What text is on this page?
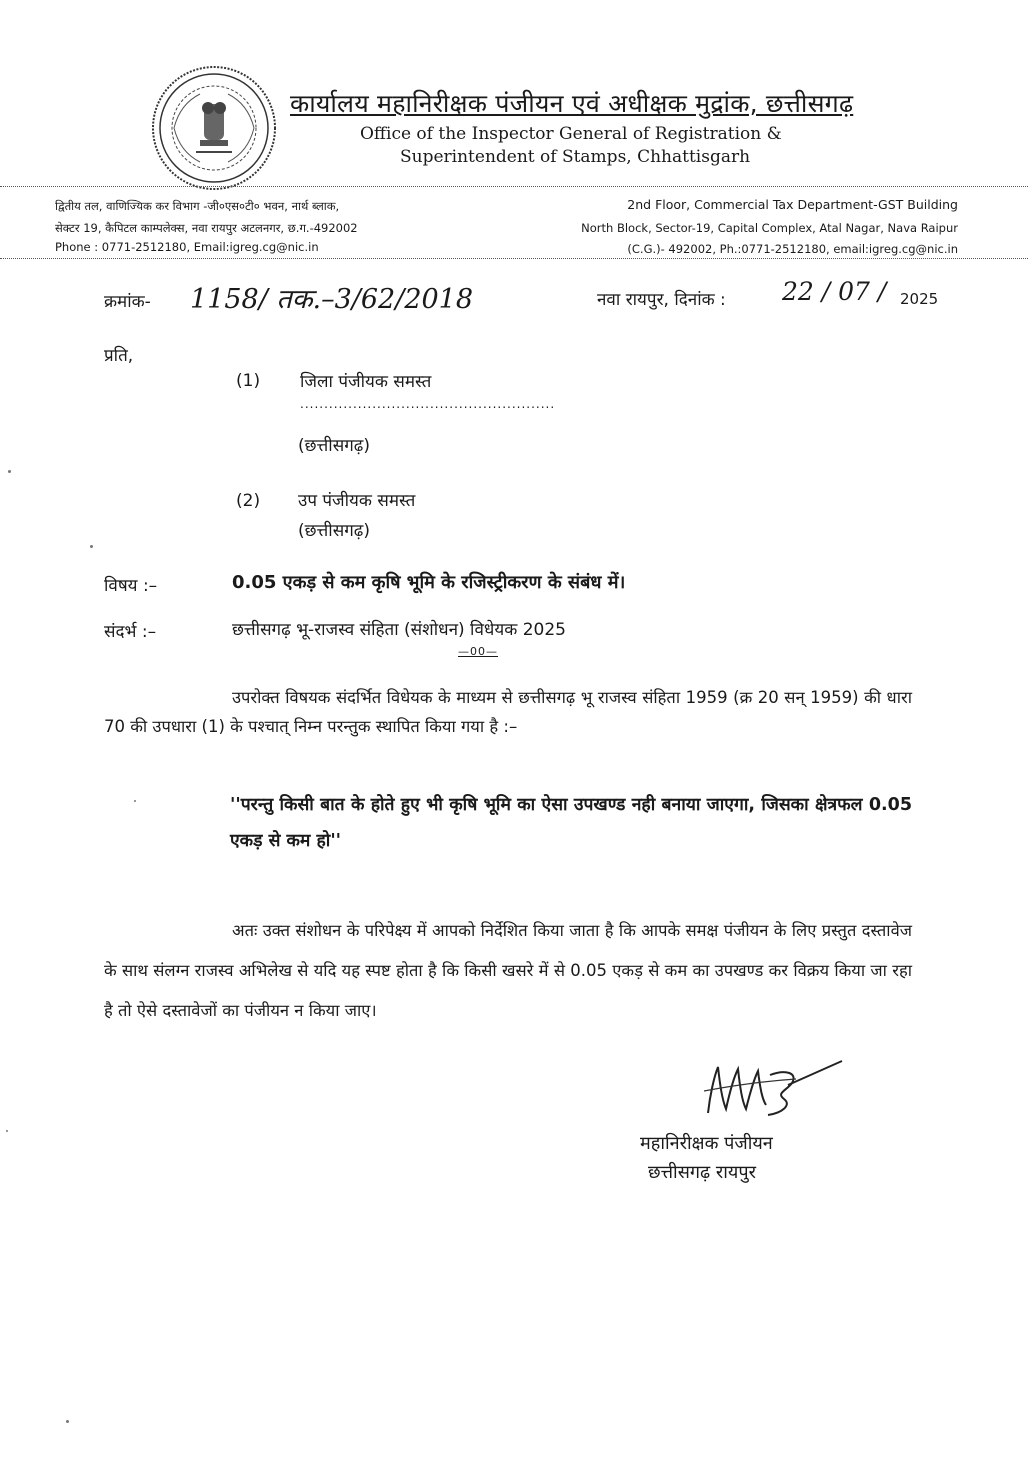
कार्यालय महानिरीक्षक पंजीयन एवं अधीक्षक मुद्रांक, छत्तीसगढ़
Office of the Inspector General of Registration &
Superintendent of Stamps, Chhattisgarh
द्वितीय तल, वाणिज्यिक कर विभाग -जी०एस०टी० भवन, नार्थ ब्लाक,
सेक्टर 19, कैपिटल काम्पलेक्स, नवा रायपुर अटलनगर, छ.ग.-492002
Phone : 0771-2512180, Email:igreg.cg@nic.in
2nd Floor, Commercial Tax Department-GST Building
North Block, Sector-19, Capital Complex, Atal Nagar, Nava Raipur
(C.G.)- 492002, Ph.:0771-2512180, email:igreg.cg@nic.in
क्रमांक- 1158/ तक.–3/62/2018	नवा रायपुर, दिनांक : 22 / 07 / 2025
प्रति,
(1) जिला पंजीयक समस्त
.....................................................
(छत्तीसगढ़)
(2) उप पंजीयक समस्त
(छत्तीसगढ़)
विषय :–	0.05 एकड़ से कम कृषि भूमि के रजिस्ट्रीकरण के संबंध में।
संदर्भ :–	छत्तीसगढ़ भू-राजस्व संहिता (संशोधन) विधेयक 2025
—00—
उपरोक्त विषयक संदर्भित विधेयक के माध्यम से छत्तीसगढ़ भू राजस्व संहिता 1959 (क्र 20 सन् 1959) की धारा 70 की उपधारा (1) के पश्चात् निम्न परन्तुक स्थापित किया गया है :–
''परन्तु किसी बात के होते हुए भी कृषि भूमि का ऐसा उपखण्ड नही बनाया जाएगा, जिसका क्षेत्रफल 0.05 एकड़ से कम हो''
अतः उक्त संशोधन के परिपेक्ष्य में आपको निर्देशित किया जाता है कि आपके समक्ष पंजीयन के लिए प्रस्तुत दस्तावेज के साथ संलग्न राजस्व अभिलेख से यदि यह स्पष्ट होता है कि किसी खसरे में से 0.05 एकड़ से कम का उपखण्ड कर विक्रय किया जा रहा है तो ऐसे दस्तावेजों का पंजीयन न किया जाए।
महानिरीक्षक पंजीयन
छत्तीसगढ़ रायपुर
